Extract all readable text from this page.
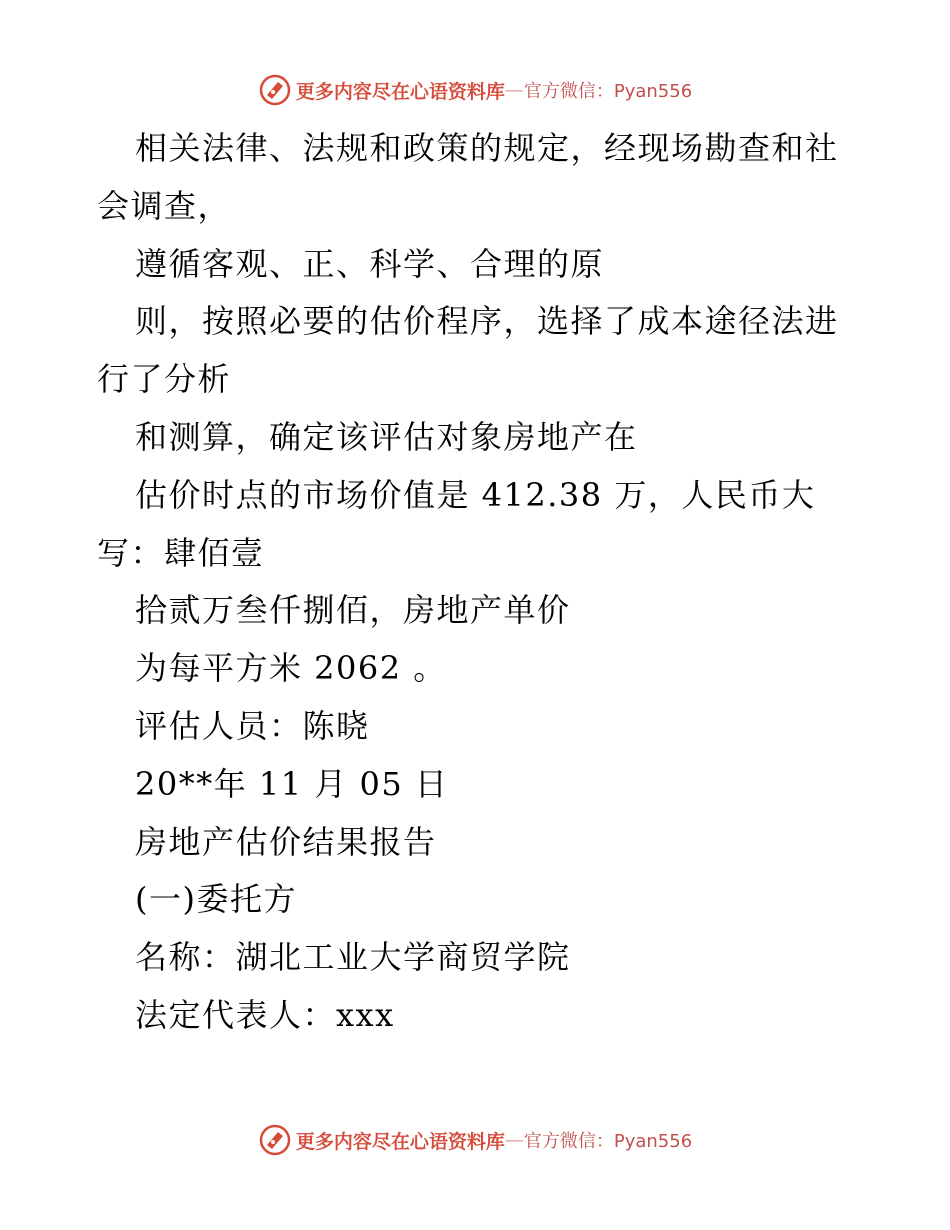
更多内容尽在心语资料库 — 官方微信：Pyan556
相关法律、法规和政策的规定，经现场勘查和社会调查，
遵循客观、正、科学、合理的原
则，按照必要的估价程序，选择了成本途径法进行了分析
和测算，确定该评估对象房地产在
估价时点的市场价值是 412.38 万，人民币大写：肆佰壹
拾贰万叁仟捌佰，房地产单价
为每平方米 2062 。
评估人员：陈晓
20**年 11 月 05 日
房地产估价结果报告
(一)委托方
名称：湖北工业大学商贸学院
法定代表人：xxx
更多内容尽在心语资料库 — 官方微信：Pyan556
